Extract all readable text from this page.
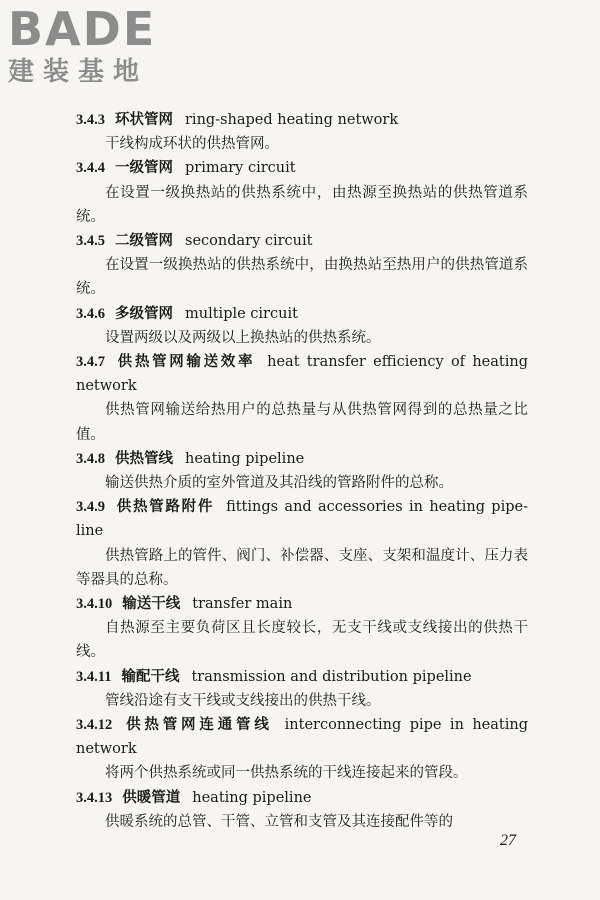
BADE
建装基地
3.4.3 环状管网 ring-shaped heating network
干线构成环状的供热管网。
3.4.4 一级管网 primary circuit
在设置一级换热站的供热系统中，由热源至换热站的供热管道系统。
3.4.5 二级管网 secondary circuit
在设置一级换热站的供热系统中，由换热站至热用户的供热管道系统。
3.4.6 多级管网 multiple circuit
设置两级以及两级以上换热站的供热系统。
3.4.7 供热管网输送效率 heat transfer efficiency of heating network
供热管网输送给热用户的总热量与从供热管网得到的总热量之比值。
3.4.8 供热管线 heating pipeline
输送供热介质的室外管道及其沿线的管路附件的总称。
3.4.9 供热管路附件 fittings and accessories in heating pipe-line
供热管路上的管件、阀门、补偿器、支座、支架和温度计、压力表等器具的总称。
3.4.10 输送干线 transfer main
自热源至主要负荷区且长度较长，无支干线或支线接出的供热干线。
3.4.11 输配干线 transmission and distribution pipeline
管线沿途有支干线或支线接出的供热干线。
3.4.12 供热管网连通管线 interconnecting pipe in heating network
将两个供热系统或同一供热系统的干线连接起来的管段。
3.4.13 供暖管道 heating pipeline
供暖系统的总管、干管、立管和支管及其连接配件等的
27
